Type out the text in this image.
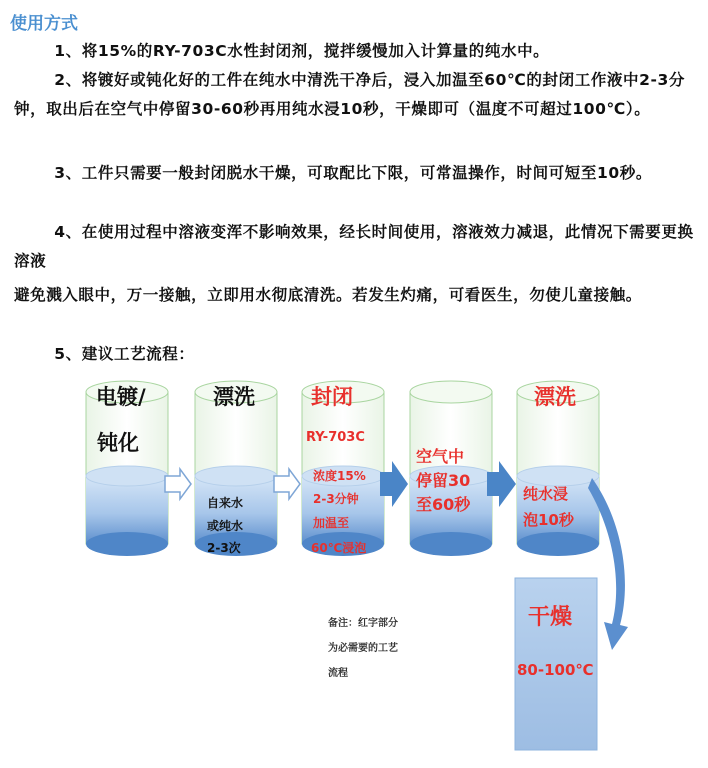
使用方式
1、将15%的RY-703C水性封闭剂，搅拌缓慢加入计算量的纯水中。
2、将镀好或钝化好的工件在纯水中清洗干净后，浸入加温至60℃的封闭工作液中2-3分钟，取出后在空气中停留30-60秒再用纯水浸10秒，干燥即可（温度不可超过100℃）。
3、工件只需要一般封闭脱水干燥，可取配比下限，可常温操作，时间可短至10秒。
4、在使用过程中溶液变浑不影响效果，经长时间使用，溶液效力减退，此情况下需要更换溶液
避免溅入眼中，万一接触，立即用水彻底清洗。若发生灼痛，可看医生，勿使儿童接触。
5、建议工艺流程：
电镀/
钝化
漂洗
自来水
或纯水
2-3次
封闭
RY-703C
浓度15%
2-3分钟
加温至
60℃浸泡
空气中
停留30
至60秒
漂洗
纯水浸
泡10秒
干燥
80-100℃
备注：红字部分
为必需要的工艺
流程
